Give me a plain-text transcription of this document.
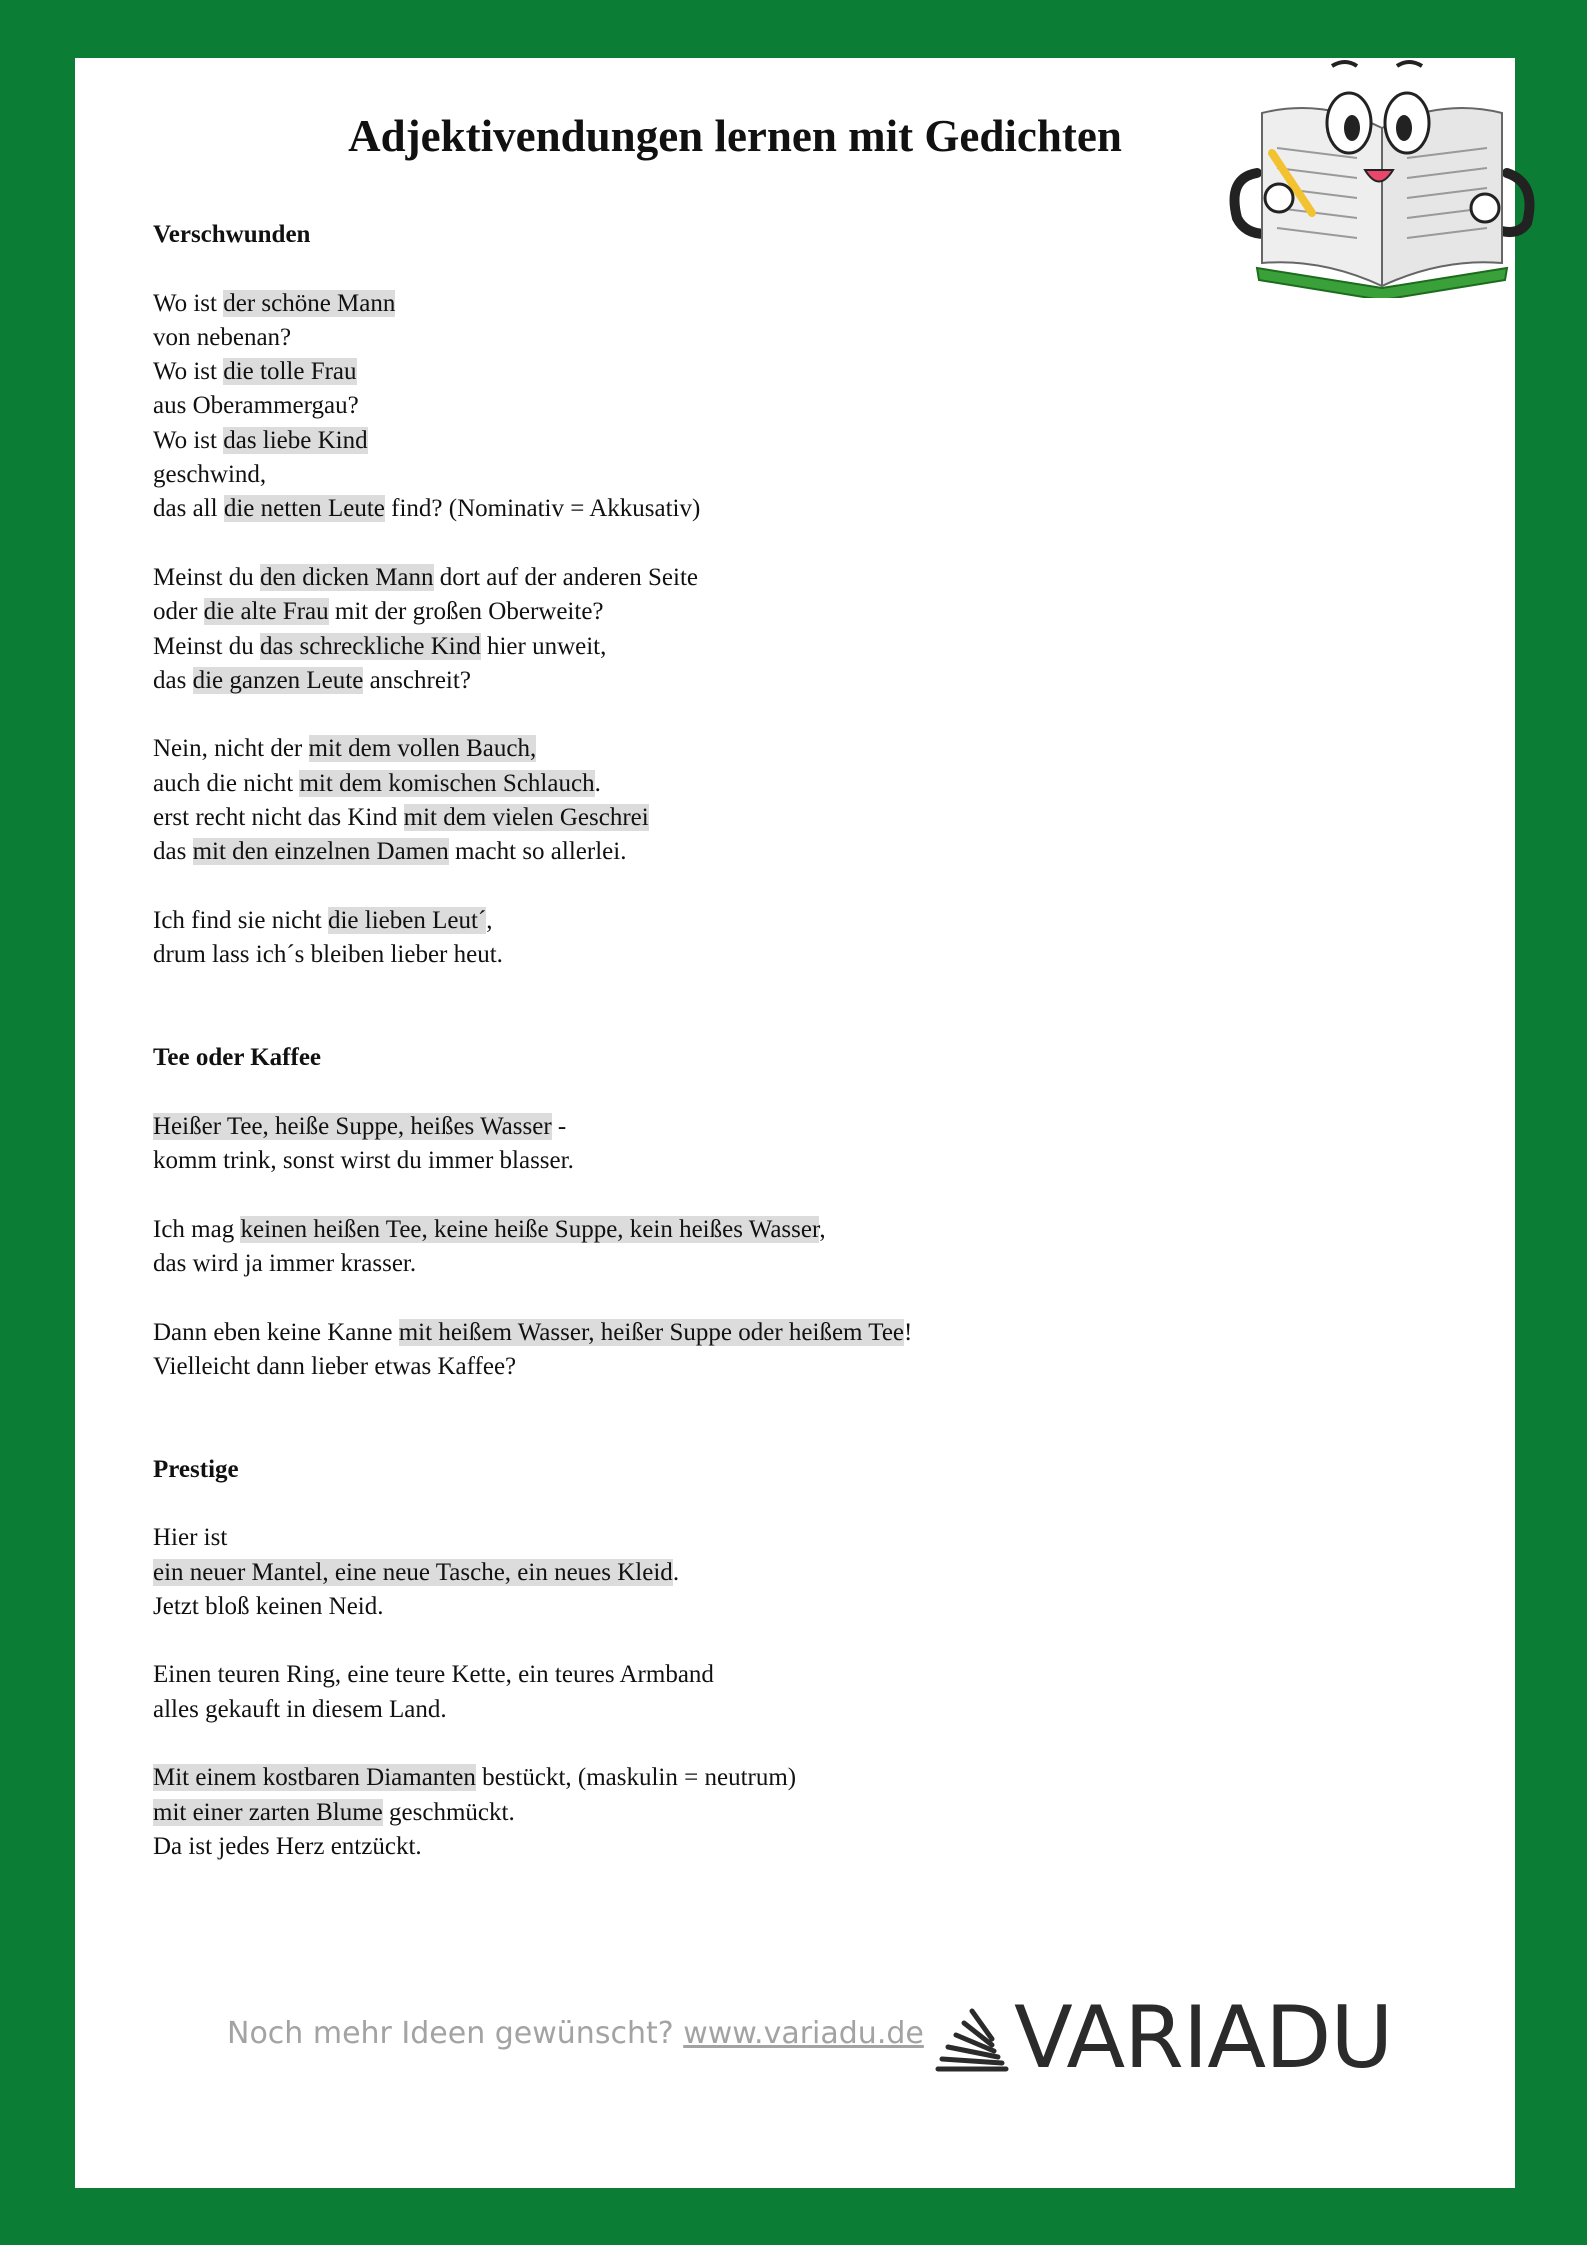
Adjektivendungen lernen mit Gedichten

Verschwunden

Wo ist der schöne Mann

von nebenan?

Wo ist die tolle Frau

aus Oberammergau?

Wo ist das liebe Kind

geschwind,

das all die netten Leute find? (Nominativ = Akkusativ)

Meinst du den dicken Mann dort auf der anderen Seite

oder die alte Frau mit der großen Oberweite?

Meinst du das schreckliche Kind hier unweit,

das die ganzen Leute anschreit?

Nein, nicht der mit dem vollen Bauch,

auch die nicht mit dem komischen Schlauch.

erst recht nicht das Kind mit dem vielen Geschrei

das mit den einzelnen Damen macht so allerlei.

Ich find sie nicht die lieben Leut´,

drum lass ich´s bleiben lieber heut.

Tee oder Kaffee

Heißer Tee, heiße Suppe, heißes Wasser -

komm trink, sonst wirst du immer blasser.

Ich mag keinen heißen Tee, keine heiße Suppe, kein heißes Wasser,

das wird ja immer krasser.

Dann eben keine Kanne mit heißem Wasser, heißer Suppe oder heißem Tee!

Vielleicht dann lieber etwas Kaffee?

Prestige

Hier ist

ein neuer Mantel, eine neue Tasche, ein neues Kleid.

Jetzt bloß keinen Neid.

Einen teuren Ring, eine teure Kette, ein teures Armband

alles gekauft in diesem Land.

Mit einem kostbaren Diamanten bestückt, (maskulin = neutrum)

mit einer zarten Blume geschmückt.

Da ist jedes Herz entzückt.

Noch mehr Ideen gewünscht? www.variadu.de VARIADU
